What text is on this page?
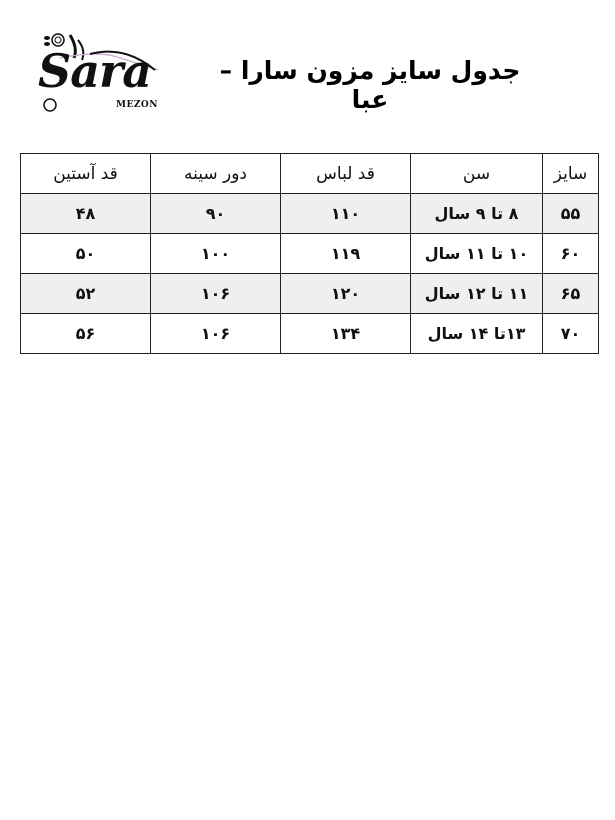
Sara
MEZON
جدول سایز مزون سارا – عبا
سایز	سن	قد لباس	دور سینه	قد آستین
۵۵	۸ تا ۹ سال	۱۱۰	۹۰	۴۸
۶۰	۱۰ تا ۱۱ سال	۱۱۹	۱۰۰	۵۰
۶۵	۱۱ تا ۱۲ سال	۱۲۰	۱۰۶	۵۲
۷۰	۱۳تا ۱۴ سال	۱۳۴	۱۰۶	۵۶
